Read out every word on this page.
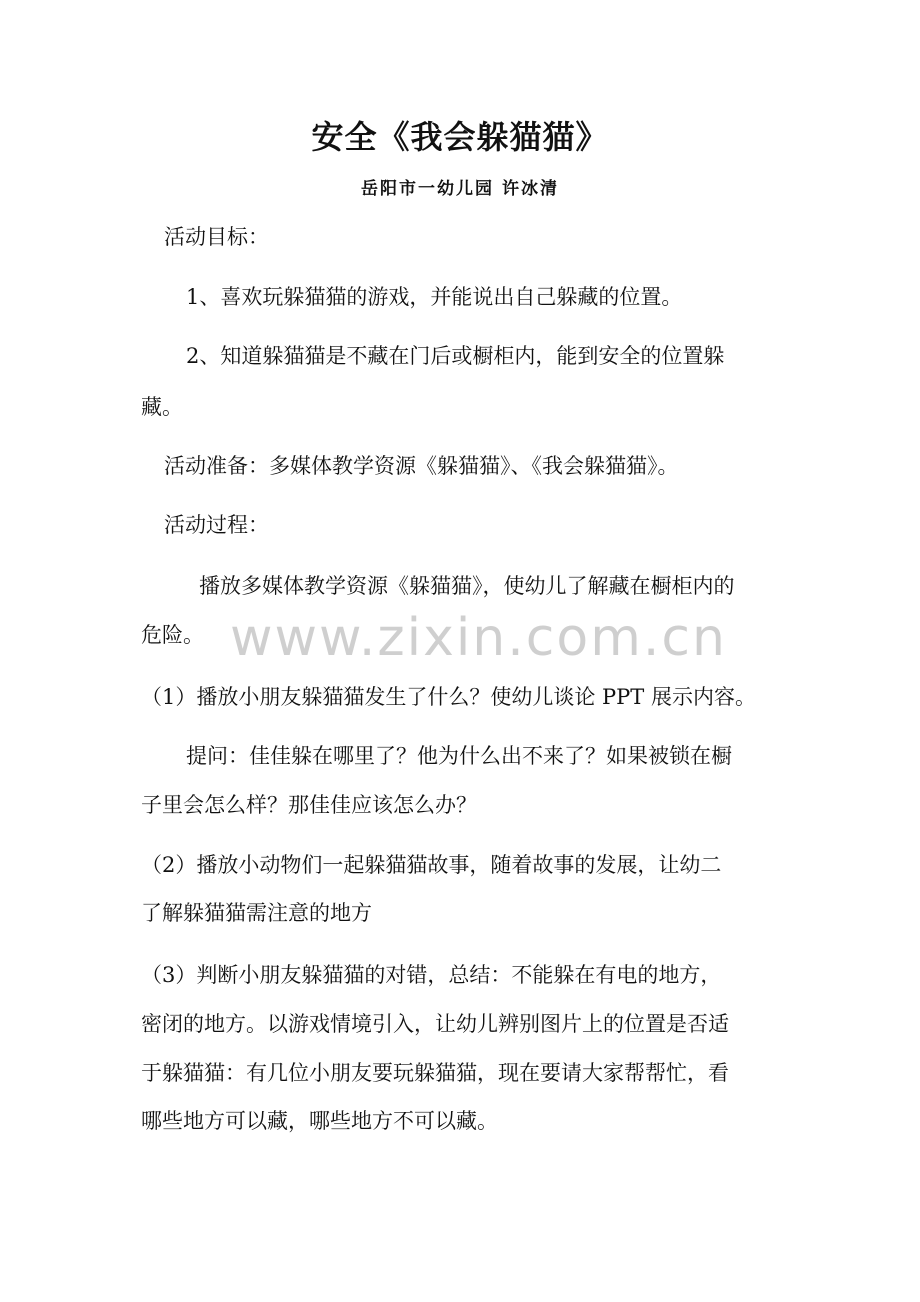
安全《我会躲猫猫》
岳阳市一幼儿园 许冰清
活动目标：
1、喜欢玩躲猫猫的游戏，并能说出自己躲藏的位置。
2、知道躲猫猫是不藏在门后或橱柜内，能到安全的位置躲
藏。
活动准备：多媒体教学资源《躲猫猫》、《我会躲猫猫》。
活动过程：
播放多媒体教学资源《躲猫猫》，使幼儿了解藏在橱柜内的
危险。
（1）播放小朋友躲猫猫发生了什么？使幼儿谈论 PPT 展示内容。
提问：佳佳躲在哪里了？他为什么出不来了？如果被锁在橱
子里会怎么样？那佳佳应该怎么办？
（2）播放小动物们一起躲猫猫故事，随着故事的发展，让幼二
了解躲猫猫需注意的地方
（3）判断小朋友躲猫猫的对错，总结：不能躲在有电的地方，
密闭的地方。以游戏情境引入，让幼儿辨别图片上的位置是否适
于躲猫猫：有几位小朋友要玩躲猫猫，现在要请大家帮帮忙，看
哪些地方可以藏，哪些地方不可以藏。
www.zixin.com.cn
